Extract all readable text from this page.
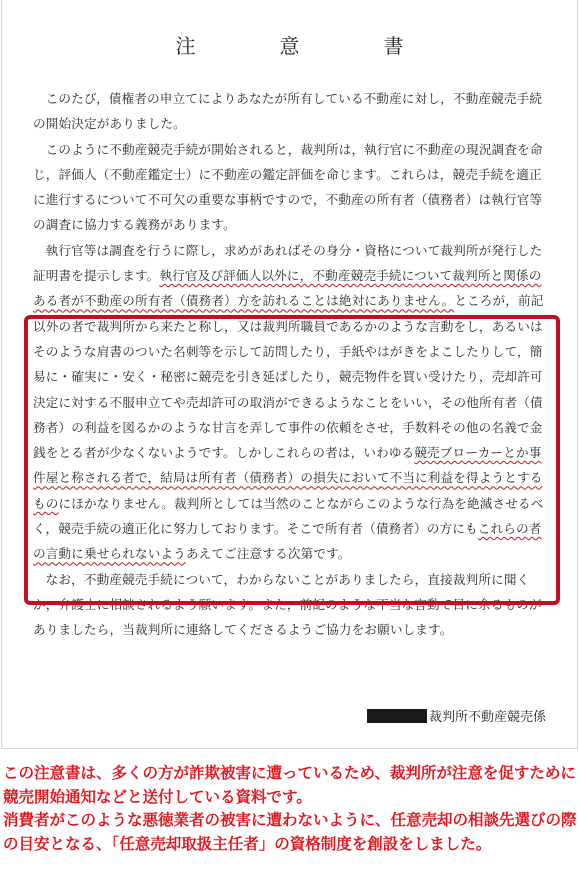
注　意　書

このたび，債権者の申立てによりあなたが所有している不動産に対し，不動産競売手続の開始決定がありました。

このように不動産競売手続が開始されると，裁判所は，執行官に不動産の現況調査を命じ，評価人（不動産鑑定士）に不動産の鑑定評価を命じます。これらは，競売手続を適正に進行するについて不可欠の重要な事柄ですので，不動産の所有者（債務者）は執行官等の調査に協力する義務があります。

執行官等は調査を行うに際し，求めがあればその身分・資格について裁判所が発行した証明書を提示します。執行官及び評価人以外に，不動産競売手続について裁判所と関係のある者が不動産の所有者（債務者）方を訪れることは絶対にありません。ところが，前記以外の者で裁判所から来たと称し，又は裁判所職員であるかのような言動をし，あるいはそのような肩書のついた名刺等を示して訪問したり，手紙やはがきをよこしたりして，簡易に・確実に・安く・秘密に競売を引き延ばしたり，競売物件を買い受けたり，売却許可決定に対する不服申立てや売却許可の取消ができるようなことをいい，その他所有者（債務者）の利益を図るかのような甘言を弄して事件の依頼をさせ，手数料その他の名義で金銭をとる者が少なくないようです。しかしこれらの者は，いわゆる競売ブローカーとか事件屋と称される者で，結局は所有者（債務者）の損失において不当に利益を得ようとするものにほかなりません。裁判所としては当然のことながらこのような行為を絶滅させるべく，競売手続の適正化に努力しております。そこで所有者（債務者）の方にもこれらの者の言動に乗せられないようあえてご注意する次第です。

なお，不動産競売手続について，わからないことがありましたら，直接裁判所に聞くか，弁護士に相談されるよう願います。また，前記のような不当な言動で目に余るものがありましたら，当裁判所に連絡してくださるようご協力をお願いします。

裁判所不動産競売係

この注意書は、多くの方が詐欺被害に遭っているため、裁判所が注意を促すために競売開始通知などと送付している資料です。

消費者がこのような悪徳業者の被害に遭わないように、任意売却の相談先選びの際の目安となる、「任意売却取扱主任者」の資格制度を創設をしました。
